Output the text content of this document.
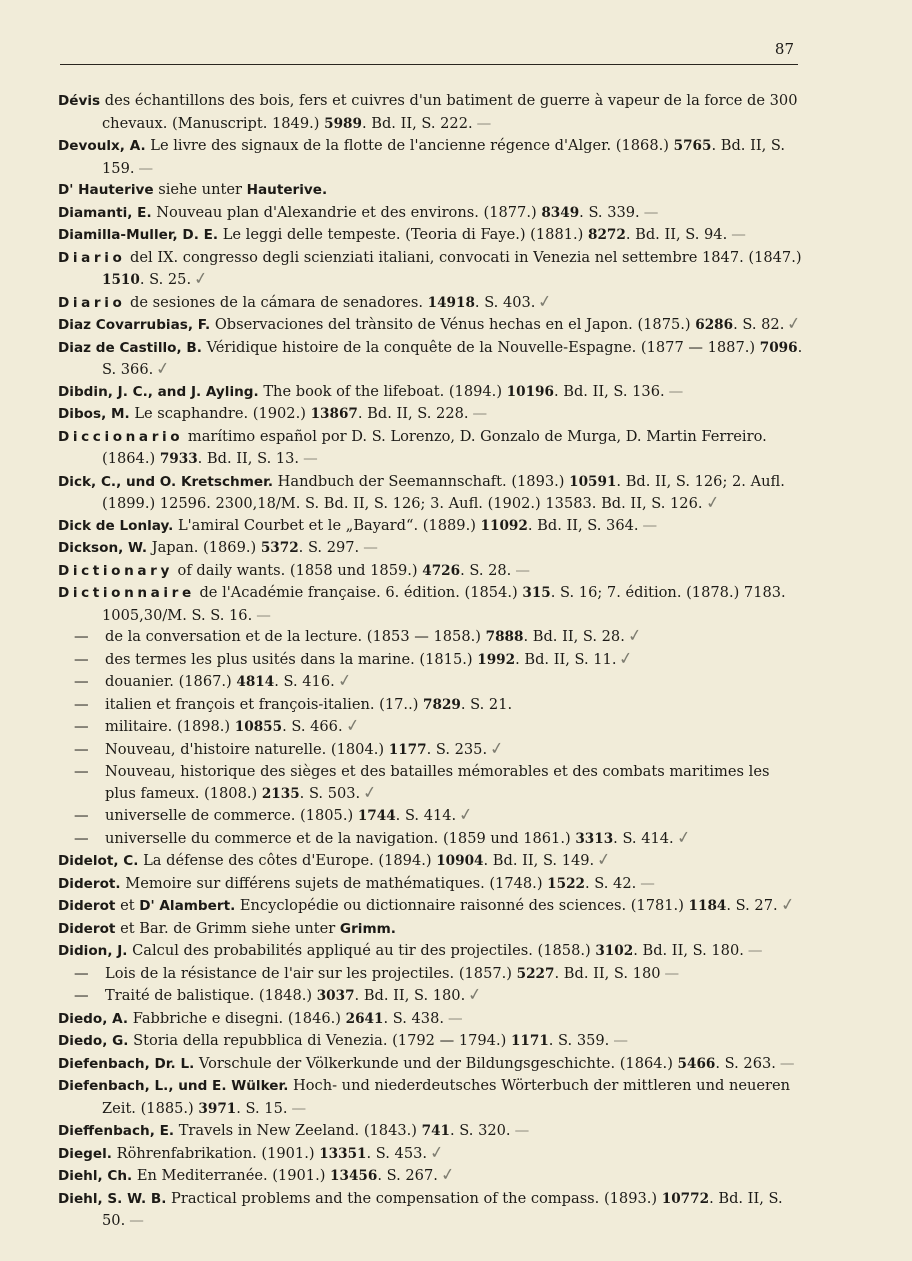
87
Dévis des échantillons des bois, fers et cuivres d'un batiment de guerre à vapeur de la force de 300 chevaux. (Manuscript. 1849.) 5989. Bd. II, S. 222. —
Devoulx, A. Le livre des signaux de la flotte de l'ancienne régence d'Alger. (1868.) 5765. Bd. II, S. 159. —
D' Hauterive siehe unter Hauterive.
Diamanti, E. Nouveau plan d'Alexandrie et des environs. (1877.) 8349. S. 339. —
Diamilla-Muller, D. E. Le leggi delle tempeste. (Teoria di Faye.) (1881.) 8272. Bd. II, S. 94. —
Diario del IX. congresso degli scienziati italiani, convocati in Venezia nel settembre 1847. (1847.) 1510. S. 25.✓
Diario de sesiones de la cámara de senadores. 14918. S. 403.✓
Diaz Covarrubias, F. Observaciones del trànsito de Vénus hechas en el Japon. (1875.) 6286. S. 82.✓
Diaz de Castillo, B. Véridique histoire de la conquête de la Nouvelle-Espagne. (1877 — 1887.) 7096. S. 366.✓
Dibdin, J. C., and J. Ayling. The book of the lifeboat. (1894.) 10196. Bd. II, S. 136. —
Dibos, M. Le scaphandre. (1902.) 13867. Bd. II, S. 228. —
Diccionario marítimo español por D. S. Lorenzo, D. Gonzalo de Murga, D. Martin Ferreiro. (1864.) 7933. Bd. II, S. 13. —
Dick, C., und O. Kretschmer. Handbuch der Seemannschaft. (1893.) 10591. Bd. II, S. 126; 2. Aufl. (1899.) 12596. 2300,18/M. S. Bd. II, S. 126; 3. Aufl. (1902.) 13583. Bd. II, S. 126.✓
Dick de Lonlay. L'amiral Courbet et le „Bayard“. (1889.) 11092. Bd. II, S. 364. —
Dickson, W. Japan. (1869.) 5372. S. 297. —
Dictionary of daily wants. (1858 und 1859.) 4726. S. 28. —
Dictionnaire de l'Académie française. 6. édition. (1854.) 315. S. 16; 7. édition. (1878.) 7183. 1005,30/M. S. S. 16. —
— de la conversation et de la lecture. (1853 — 1858.) 7888. Bd. II, S. 28.✓
— des termes les plus usités dans la marine. (1815.) 1992. Bd. II, S. 11.✓
— douanier. (1867.) 4814. S. 416.✓
— italien et françois et françois-italien. (17..) 7829. S. 21.
— militaire. (1898.) 10855. S. 466.✓
— Nouveau, d'histoire naturelle. (1804.) 1177. S. 235.✓
— Nouveau, historique des sièges et des batailles mémorables et des combats maritimes les plus fameux. (1808.) 2135. S. 503.✓
— universelle de commerce. (1805.) 1744. S. 414.✓
— universelle du commerce et de la navigation. (1859 und 1861.) 3313. S. 414.✓
Didelot, C. La défense des côtes d'Europe. (1894.) 10904. Bd. II, S. 149.✓
Diderot. Memoire sur différens sujets de mathématiques. (1748.) 1522. S. 42. —
Diderot et D' Alambert. Encyclopédie ou dictionnaire raisonné des sciences. (1781.) 1184. S. 27.✓
Diderot et Bar. de Grimm siehe unter Grimm.
Didion, J. Calcul des probabilités appliqué au tir des projectiles. (1858.) 3102. Bd. II, S. 180. —
— Lois de la résistance de l'air sur les projectiles. (1857.) 5227. Bd. II, S. 180 —
— Traité de balistique. (1848.) 3037. Bd. II, S. 180.✓
Diedo, A. Fabbriche e disegni. (1846.) 2641. S. 438. —
Diedo, G. Storia della repubblica di Venezia. (1792 — 1794.) 1171. S. 359. —
Diefenbach, Dr. L. Vorschule der Völkerkunde und der Bildungsgeschichte. (1864.) 5466. S. 263. —
Diefenbach, L., und E. Wülker. Hoch- und niederdeutsches Wörterbuch der mittleren und neueren Zeit. (1885.) 3971. S. 15. —
Dieffenbach, E. Travels in New Zeeland. (1843.) 741. S. 320. —
Diegel. Röhrenfabrikation. (1901.) 13351. S. 453.✓
Diehl, Ch. En Mediterranée. (1901.) 13456. S. 267.✓
Diehl, S. W. B. Practical problems and the compensation of the compass. (1893.) 10772. Bd. II, S. 50. —
